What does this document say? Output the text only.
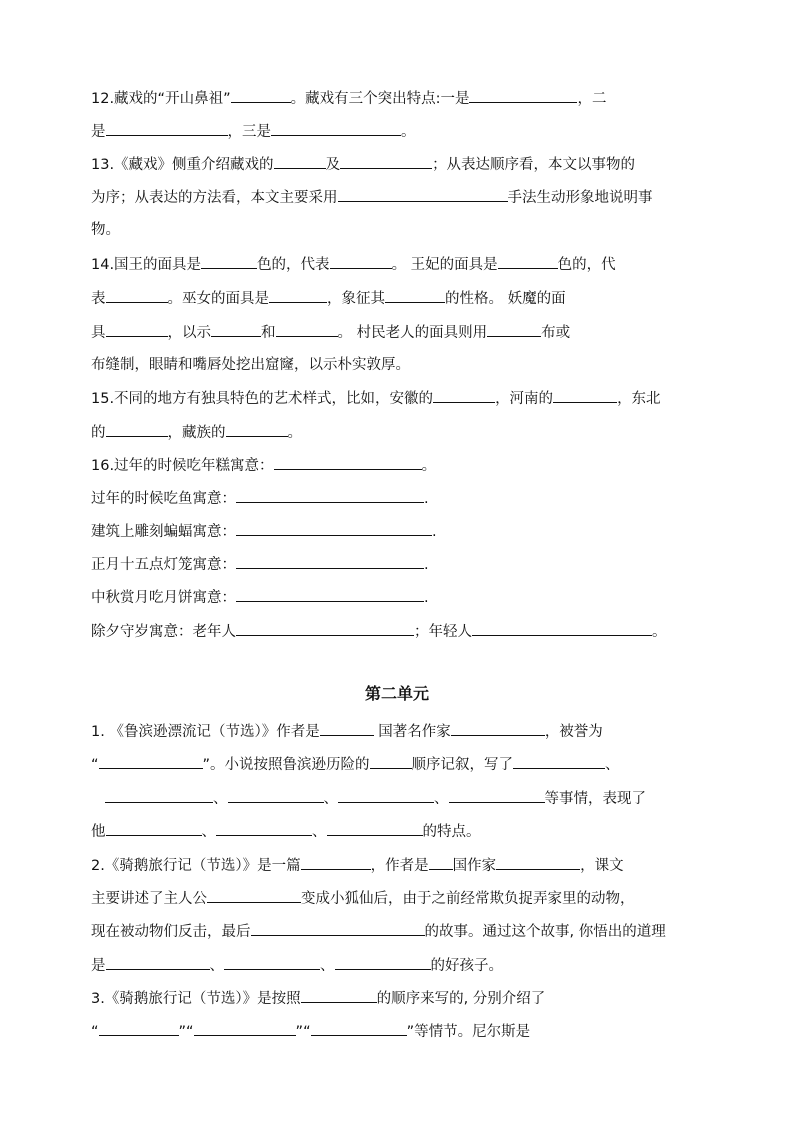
12.藏戏的“开山鼻祖”	。藏戏有三个突出特点:一是	，二
是	，三是	。
13.《藏戏》侧重介绍藏戏的	及	；从表达顺序看，本文以事物的
为序；从表达的方法看，本文主要采用	手法生动形象地说明事
物。
14.国王的面具是	色的，代表	。 王妃的面具是	色的，代
表	。巫女的面具是	，象征其	的性格。 妖魔的面
具	，以示	和	。 村民老人的面具则用	布或
布缝制，眼睛和嘴唇处挖出窟窿，以示朴实敦厚。
15.不同的地方有独具特色的艺术样式，比如，安徽的	，河南的	，东北
的	，藏族的	。
16.过年的时候吃年糕寓意：	。
过年的时候吃鱼寓意：	.
建筑上雕刻蝙蝠寓意：	.
正月十五点灯笼寓意：	.
中秋赏月吃月饼寓意：	.
除夕守岁寓意：老年人	；年轻人	。
第二单元
1. 《鲁滨逊漂流记（节选）》作者是	国著名作家	，被誉为
“	”。小说按照鲁滨逊历险的	顺序记叙，写了	、
、	、	、	等事情，表现了
他	、	、	的特点。
2.《骑鹅旅行记（节选）》是一篇	，作者是 国作家	，课文
主要讲述了主人公	变成小狐仙后，由于之前经常欺负捉弄家里的动物，
现在被动物们反击，最后	的故事。通过这个故事, 你悟出的道理
是	、	、	的好孩子。
3.《骑鹅旅行记（节选）》是按照	的顺序来写的, 分别介绍了
“	”“	”“	”等情节。尼尔斯是
